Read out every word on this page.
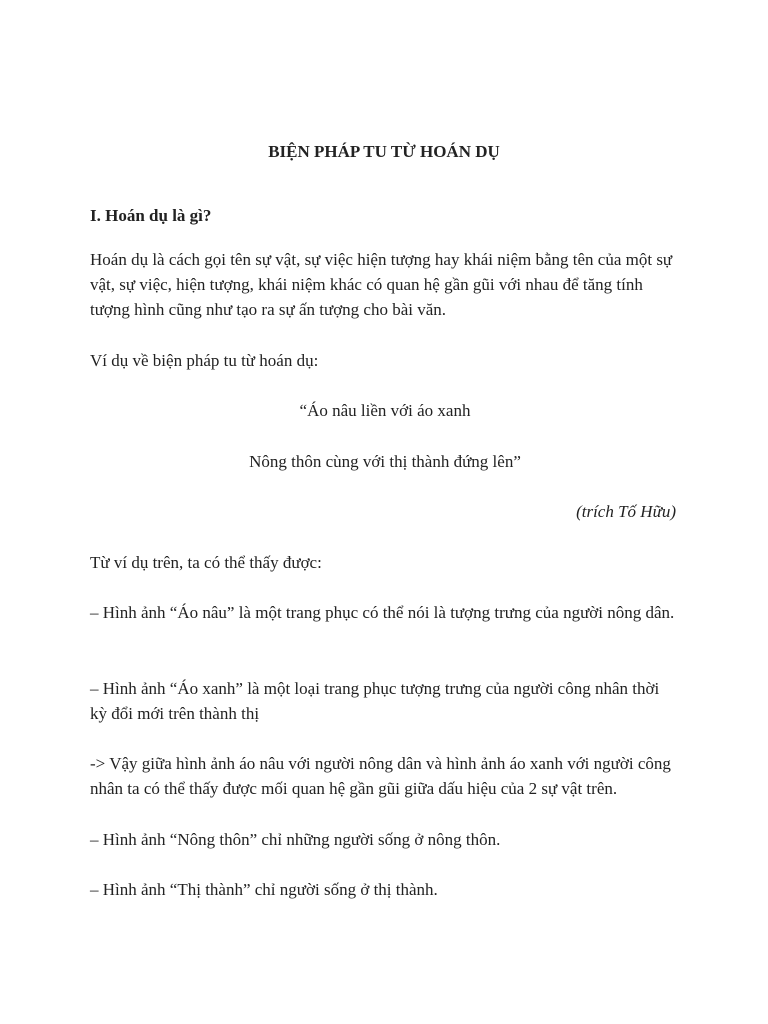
BIỆN PHÁP TU TỪ HOÁN DỤ

I. Hoán dụ là gì?

Hoán dụ là cách gọi tên sự vật, sự việc hiện tượng hay khái niệm bằng tên của một sự vật, sự việc, hiện tượng, khái niệm khác có quan hệ gần gũi với nhau để tăng tính tượng hình cũng như tạo ra sự ấn tượng cho bài văn.

Ví dụ về biện pháp tu từ hoán dụ:

“Áo nâu liền với áo xanh

Nông thôn cùng với thị thành đứng lên”

(trích Tố Hữu)

Từ ví dụ trên, ta có thể thấy được:

– Hình ảnh “Áo nâu” là một trang phục có thể nói là tượng trưng của người nông dân.

– Hình ảnh “Áo xanh” là một loại trang phục tượng trưng của người công nhân thời kỳ đổi mới trên thành thị

-> Vậy giữa hình ảnh áo nâu với người nông dân và hình ảnh áo xanh với người công nhân ta có thể thấy được mối quan hệ gần gũi giữa dấu hiệu của 2 sự vật trên.

– Hình ảnh “Nông thôn” chỉ những người sống ở nông thôn.

– Hình ảnh “Thị thành” chỉ người sống ở thị thành.
